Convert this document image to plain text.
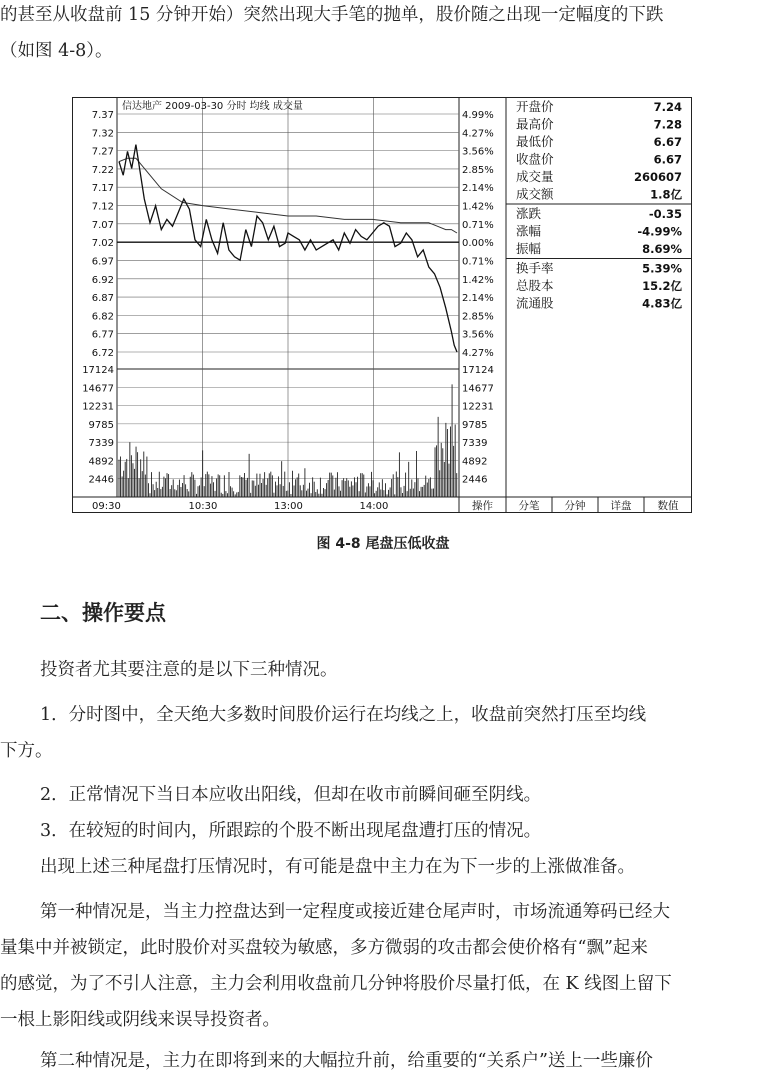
的甚至从收盘前 15 分钟开始）突然出现大手笔的抛单，股价随之出现一定幅度的下跌
（如图 4-8）。
信达地产 2009-03-30 分时 均线 成交量
7.37
7.32
7.27
7.22
7.17
7.12
7.07
7.02
6.97
6.92
6.87
6.82
6.77
6.72
4.99%
4.27%
3.56%
2.85%
2.14%
1.42%
0.71%
0.00%
0.71%
1.42%
2.14%
2.85%
3.56%
4.27%
17124	17124
14677	14677
12231	12231
9785	9785
7339	7339
4892	4892
2446	2446
09:30	10:30	13:00	14:00
开盘价	7.24
最高价	7.28
最低价	6.67
收盘价	6.67
成交量	260607
成交额	1.8亿
涨跌	-0.35
涨幅	-4.99%
振幅	8.69%
换手率	5.39%
总股本	15.2亿
流通股	4.83亿
操作 分笔 分钟 详盘 数值
图 4-8 尾盘压低收盘
二、操作要点
投资者尤其要注意的是以下三种情况。
1．分时图中，全天绝大多数时间股价运行在均线之上，收盘前突然打压至均线
下方。
2．正常情况下当日本应收出阳线，但却在收市前瞬间砸至阴线。
3．在较短的时间内，所跟踪的个股不断出现尾盘遭打压的情况。
出现上述三种尾盘打压情况时，有可能是盘中主力在为下一步的上涨做准备。
第一种情况是，当主力控盘达到一定程度或接近建仓尾声时，市场流通筹码已经大
量集中并被锁定，此时股价对买盘较为敏感，多方微弱的攻击都会使价格有“飘”起来
的感觉，为了不引人注意，主力会利用收盘前几分钟将股价尽量打低，在 K 线图上留下
一根上影阳线或阴线来误导投资者。
第二种情况是，主力在即将到来的大幅拉升前，给重要的“关系户”送上一些廉价
